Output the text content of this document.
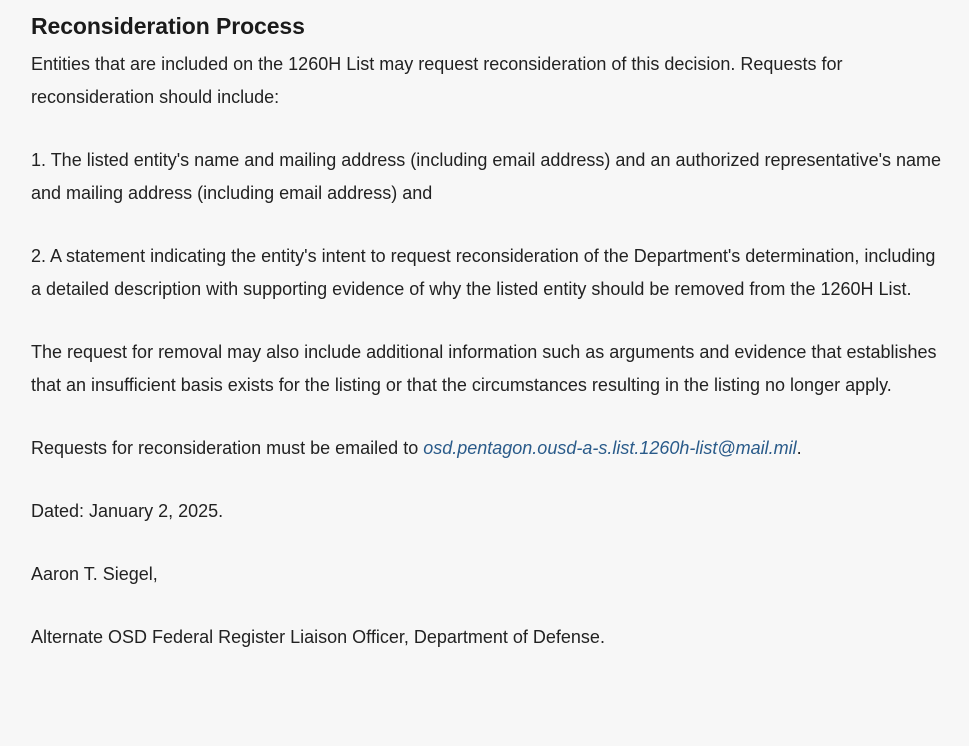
Reconsideration Process

Entities that are included on the 1260H List may request reconsideration of this decision. Requests for reconsideration should include:

1. The listed entity's name and mailing address (including email address) and an authorized representative's name and mailing address (including email address) and

2. A statement indicating the entity's intent to request reconsideration of the Department's determination, including a detailed description with supporting evidence of why the listed entity should be removed from the 1260H List.

The request for removal may also include additional information such as arguments and evidence that establishes that an insufficient basis exists for the listing or that the circumstances resulting in the listing no longer apply.

Requests for reconsideration must be emailed to osd.pentagon.ousd-a-s.list.1260h-list@mail.mil.

Dated: January 2, 2025.

Aaron T. Siegel,

Alternate OSD Federal Register Liaison Officer, Department of Defense.
